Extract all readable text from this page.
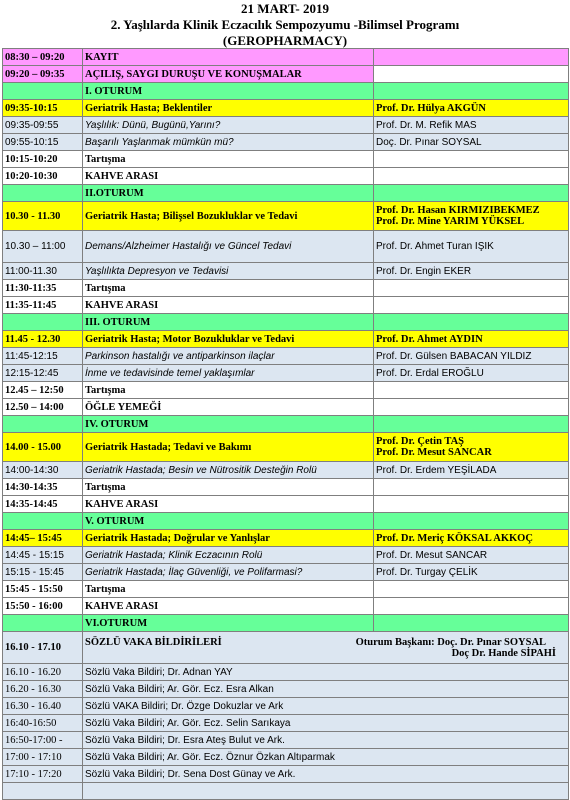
21 MART- 2019
2. Yaşlılarda Klinik Eczacılık Sempozyumu -Bilimsel Programı
(GEROPHARMACY)
08:30 – 09:20	KAYIT	
09:20 – 09:35	AÇILIŞ, SAYGI DURUŞU VE KONUŞMALAR	
	I. OTURUM	
09:35-10:15	Geriatrik Hasta; Beklentiler	Prof. Dr. Hülya AKGÜN
09:35-09:55	Yaşlılık: Dünü, Bugünü,Yarını?	Prof. Dr. M. Refik MAS
09:55-10:15	Başarılı Yaşlanmak mümkün mü?	Doç. Dr. Pınar SOYSAL
10:15-10:20	Tartışma	
10:20-10:30	KAHVE ARASI	
	II.OTURUM	
10.30 - 11.30	Geriatrik Hasta; Bilişsel Bozukluklar ve Tedavi	Prof. Dr. Hasan KIRMIZIBEKMEZ
Prof. Dr. Mine YARIM YÜKSEL

10.30 – 11:00	Demans/Alzheimer Hastalığı ve Güncel Tedavi	Prof. Dr. Ahmet Turan IŞIK
11:00-11.30	Yaşlılıkta Depresyon ve Tedavisi	Prof. Dr. Engin EKER
11:30-11:35	Tartışma	
11:35-11:45	KAHVE ARASI	
	III. OTURUM	
11.45 - 12.30	Geriatrik Hasta; Motor Bozukluklar ve Tedavi	Prof. Dr. Ahmet AYDIN
11:45-12:15	Parkinson hastalığı ve antiparkinson ilaçlar	Prof. Dr. Gülsen BABACAN YILDIZ
12:15-12:45	İnme ve tedavisinde temel yaklaşımlar	Prof. Dr. Erdal EROĞLU
12.45 – 12:50	Tartışma	
12.50 – 14:00	ÖĞLE YEMEĞİ	
	IV. OTURUM	
14.00 - 15.00	Geriatrik Hastada; Tedavi ve Bakımı	Prof. Dr. Çetin TAŞ
Prof. Dr. Mesut SANCAR

14:00-14:30	Geriatrik Hastada; Besin ve Nütrositik Desteğin Rolü	Prof. Dr. Erdem YEŞİLADA
14:30-14:35	Tartışma	
14:35-14:45	KAHVE ARASI	
	V. OTURUM	
14:45– 15:45	Geriatrik Hastada; Doğrular ve Yanlışlar	Prof. Dr. Meriç KÖKSAL AKKOÇ
14:45 - 15:15	Geriatrik Hastada; Klinik Eczacının Rolü	Prof. Dr. Mesut SANCAR
15:15 - 15:45	Geriatrik Hastada; İlaç Güvenliği, ve Polifarmasi?	Prof. Dr. Turgay ÇELİK
15:45 - 15:50	Tartışma	
15:50 - 16:00	KAHVE ARASI	
	VI.OTURUM	
16.10 - 17.10	SÖZLÜ VAKA BİLDİRİLERİ Oturum Başkanı: Doç. Dr. Pınar SOYSAL
Doç Dr. Hande SİPAHİ	

16.10 - 16.20	Sözlü Vaka Bildiri; Dr. Adnan YAY	
16.20 - 16.30	Sözlü Vaka Bildiri; Ar. Gör. Ecz. Esra Alkan	
16.30 - 16.40	Sözlü VAKA Bildiri; Dr. Özge Dokuzlar ve Ark	
16:40-16:50	Sözlü Vaka Bildiri; Ar. Gör. Ecz. Selin Sarıkaya	
16:50-17:00 -	Sözlü Vaka Bildiri; Dr. Esra Ateş Bulut ve Ark.	
17:00 - 17:10	Sözlü Vaka Bildiri; Ar. Gör. Ecz. Öznur Özkan Altıparmak	
17:10 - 17:20	Sözlü Vaka Bildiri; Dr. Sena Dost Günay ve Ark.	
